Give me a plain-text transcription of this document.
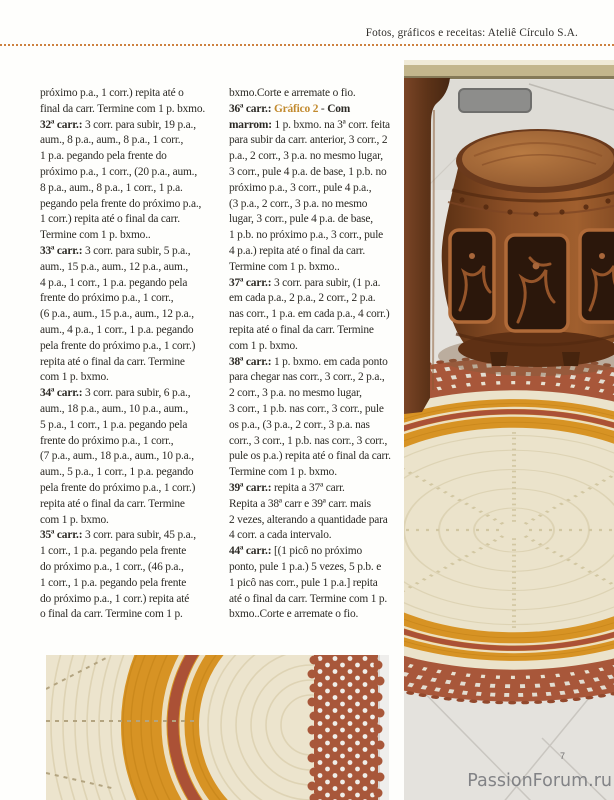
Fotos, gráficos e receitas: Ateliê Círculo S.A.
próximo p.a., 1 corr.) repita até o
final da carr. Termine com 1 p. bxmo.
32ª carr.: 3 corr. para subir, 19 p.a.,
aum., 8 p.a., aum., 8 p.a., 1 corr.,
1 p.a. pegando pela frente do
próximo p.a., 1 corr., (20 p.a., aum.,
8 p.a., aum., 8 p.a., 1 corr., 1 p.a.
pegando pela frente do próximo p.a.,
1 corr.) repita até o final da carr.
Termine com 1 p. bxmo..
33ª carr.: 3 corr. para subir, 5 p.a.,
aum., 15 p.a., aum., 12 p.a., aum.,
4 p.a., 1 corr., 1 p.a. pegando pela
frente do próximo p.a., 1 corr.,
(6 p.a., aum., 15 p.a., aum., 12 p.a.,
aum., 4 p.a., 1 corr., 1 p.a. pegando
pela frente do próximo p.a., 1 corr.)
repita até o final da carr. Termine
com 1 p. bxmo.
34ª carr.: 3 corr. para subir, 6 p.a.,
aum., 18 p.a., aum., 10 p.a., aum.,
5 p.a., 1 corr., 1 p.a. pegando pela
frente do próximo p.a., 1 corr.,
(7 p.a., aum., 18 p.a., aum., 10 p.a.,
aum., 5 p.a., 1 corr., 1 p.a. pegando
pela frente do próximo p.a., 1 corr.)
repita até o final da carr. Termine
com 1 p. bxmo.
35ª carr.: 3 corr. para subir, 45 p.a.,
1 corr., 1 p.a. pegando pela frente
do próximo p.a., 1 corr., (46 p.a.,
1 corr., 1 p.a. pegando pela frente
do próximo p.a., 1 corr.) repita até
o final da carr. Termine com 1 p.
bxmo.Corte e arremate o fio.
36ª carr.: Gráfico 2 - Com
marrom: 1 p. bxmo. na 3ª corr. feita
para subir da carr. anterior, 3 corr., 2
p.a., 2 corr., 3 p.a. no mesmo lugar,
3 corr., pule 4 p.a. de base, 1 p.b. no
próximo p.a., 3 corr., pule 4 p.a.,
(3 p.a., 2 corr., 3 p.a. no mesmo
lugar, 3 corr., pule 4 p.a. de base,
1 p.b. no próximo p.a., 3 corr., pule
4 p.a.) repita até o final da carr.
Termine com 1 p. bxmo..
37ª carr.: 3 corr. para subir, (1 p.a.
em cada p.a., 2 p.a., 2 corr., 2 p.a.
nas corr., 1 p.a. em cada p.a., 4 corr.)
repita até o final da carr. Termine
com 1 p. bxmo.
38ª carr.: 1 p. bxmo. em cada ponto
para chegar nas corr., 3 corr., 2 p.a.,
2 corr., 3 p.a. no mesmo lugar,
3 corr., 1 p.b. nas corr., 3 corr., pule
os p.a., (3 p.a., 2 corr., 3 p.a. nas
corr., 3 corr., 1 p.b. nas corr., 3 corr.,
pule os p.a.) repita até o final da carr.
Termine com 1 p. bxmo.
39ª carr.: repita a 37ª carr.
Repita a 38ª carr e 39ª carr. mais
2 vezes, alterando a quantidade para
4 corr. a cada intervalo.
44ª carr.: [(1 picô no próximo
ponto, pule 1 p.a.) 5 vezes, 5 p.b. e
1 picô nas corr., pule 1 p.a.] repita
até o final da carr. Termine com 1 p.
bxmo..Corte e arremate o fio.
7
PassionForum.ru
